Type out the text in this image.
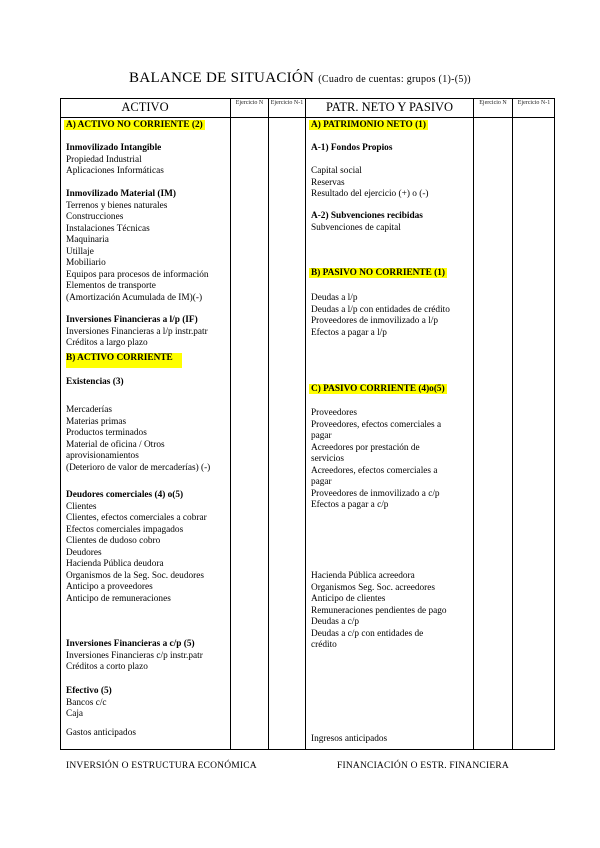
BALANCE DE SITUACIÓN (Cuadro de cuentas: grupos (1)-(5))
ACTIVO	Ejercicio N	Ejercicio N-1	PATR. NETO Y PASIVO	Ejercicio N	Ejercicio N-1
A) ACTIVO NO CORRIENTE (2)
Inmovilizado Intangible
Propiedad Industrial
Aplicaciones Informáticas
Inmovilizado Material (IM)
Terrenos y bienes naturales
Construcciones
Instalaciones Técnicas
Maquinaria
Utillaje
Mobiliario
Equipos para procesos de información
Elementos de transporte
(Amortización Acumulada de IM)(-)
Inversiones Financieras a l/p (IF)
Inversiones Financieras a l/p instr.patr
Créditos a largo plazo
B) ACTIVO CORRIENTE
Existencias (3)
Mercaderías
Materias primas
Productos terminados
Material de oficina / Otros
aprovisionamientos
(Deterioro de valor de mercaderías) (-)
Deudores comerciales (4) o(5)
Clientes
Clientes, efectos comerciales a cobrar
Efectos comerciales impagados
Clientes de dudoso cobro
Deudores
Hacienda Pública deudora
Organismos de la Seg. Soc. deudores
Anticipo a proveedores
Anticipo de remuneraciones
Inversiones Financieras a c/p (5)
Inversiones Financieras c/p instr.patr
Créditos a corto plazo
Efectivo (5)
Bancos c/c
Caja
Gastos anticipados
A) PATRIMONIO NETO (1)
A-1) Fondos Propios
Capital social
Reservas
Resultado del ejercicio (+) o (-)
A-2) Subvenciones recibidas
Subvenciones de capital
B) PASIVO NO CORRIENTE (1)
Deudas a l/p
Deudas a l/p con entidades de crédito
Proveedores de inmovilizado a l/p
Efectos a pagar a l/p
C) PASIVO CORRIENTE (4)o(5)
Proveedores
Proveedores, efectos comerciales a
pagar
Acreedores por prestación de
servicios
Acreedores, efectos comerciales a
pagar
Proveedores de inmovilizado a c/p
Efectos a pagar a c/p
Hacienda Pública acreedora
Organismos Seg. Soc. acreedores
Anticipo de clientes
Remuneraciones pendientes de pago
Deudas a c/p
Deudas a c/p con entidades de
crédito
Ingresos anticipados
INVERSIÓN O ESTRUCTURA ECONÓMICA	FINANCIACIÓN O ESTR. FINANCIERA
